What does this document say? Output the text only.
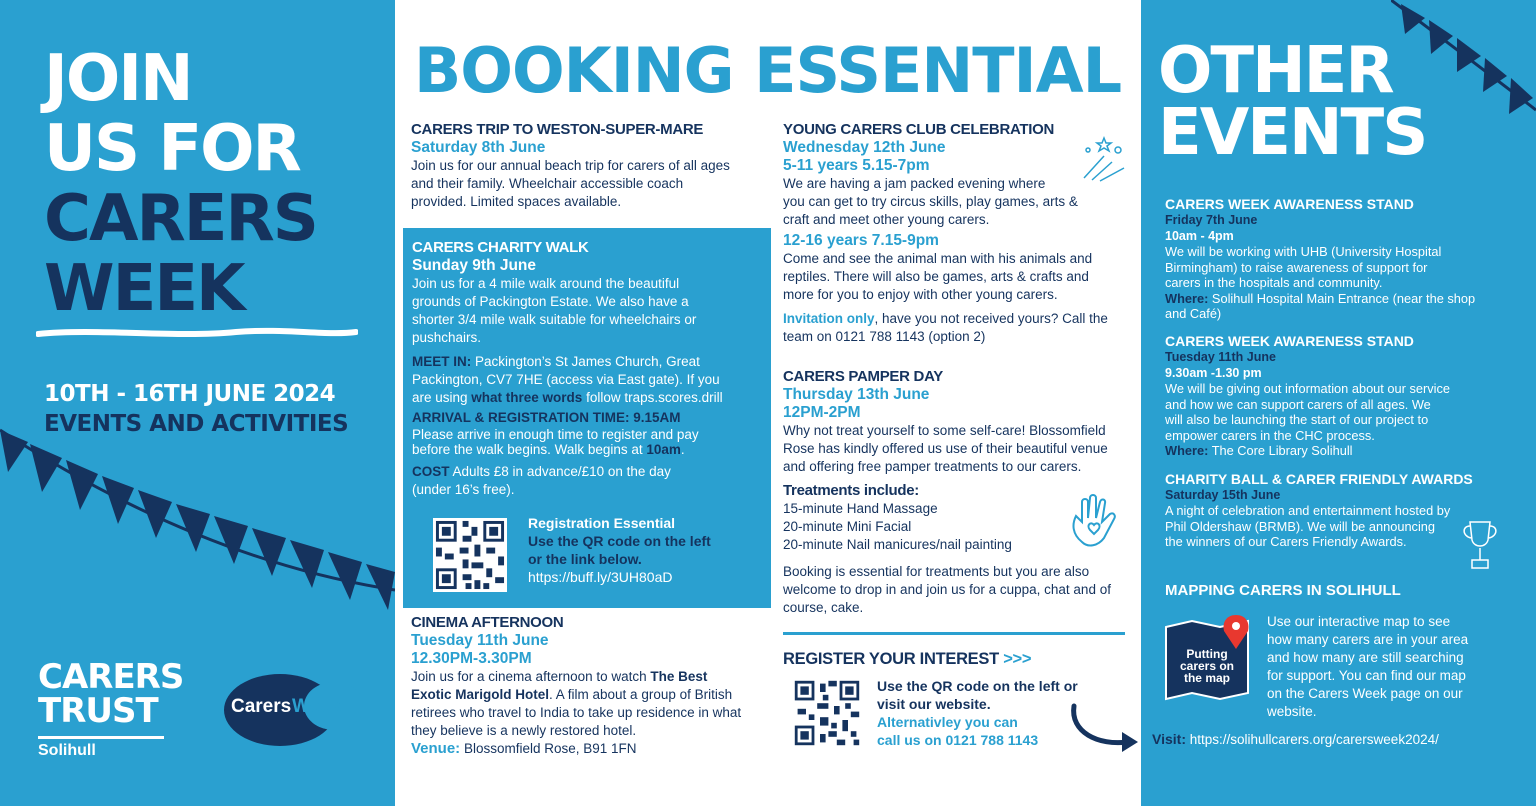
JOIN
US FOR
CARERS
WEEK
10TH - 16TH JUNE 2024
EVENTS AND ACTIVITIES
CARERS
TRUST
Solihull
Carers Week
BOOKING ESSENTIAL
CARERS TRIP TO WESTON-SUPER-MARE
Saturday 8th June
Join us for our annual beach trip for carers of all ages
and their family. Wheelchair accessible coach
provided. Limited spaces available.
CARERS CHARITY WALK
Sunday 9th June
Join us for a 4 mile walk around the beautiful
grounds of Packington Estate. We also have a
shorter 3/4 mile walk suitable for wheelchairs or
pushchairs.
MEET IN: Packington’s St James Church, Great
Packington, CV7 7HE (access via East gate). If you
are using what three words follow traps.scores.drill
ARRIVAL & REGISTRATION TIME: 9.15AM
Please arrive in enough time to register and pay
before the walk begins. Walk begins at 10am.
COST Adults £8 in advance/£10 on the day
(under 16’s free).
Registration Essential
Use the QR code on the left
or the link below.
https://buff.ly/3UH80aD
CINEMA AFTERNOON
Tuesday 11th June
12.30PM-3.30PM
Join us for a cinema afternoon to watch The Best
Exotic Marigold Hotel. A film about a group of British
retirees who travel to India to take up residence in what
they believe is a newly restored hotel.
Venue: Blossomfield Rose, B91 1FN
YOUNG CARERS CLUB CELEBRATION
Wednesday 12th June
5-11 years 5.15-7pm
We are having a jam packed evening where
you can get to try circus skills, play games, arts &
craft and meet other young carers.
12-16 years 7.15-9pm
Come and see the animal man with his animals and
reptiles. There will also be games, arts & crafts and
more for you to enjoy with other young carers.
Invitation only, have you not received yours? Call the
team on 0121 788 1143 (option 2)
CARERS PAMPER DAY
Thursday 13th June
12PM-2PM
Why not treat yourself to some self-care! Blossomfield
Rose has kindly offered us use of their beautiful venue
and offering free pamper treatments to our carers.
Treatments include:
15-minute Hand Massage
20-minute Mini Facial
20-minute Nail manicures/nail painting
Booking is essential for treatments but you are also
welcome to drop in and join us for a cuppa, chat and of
course, cake.
REGISTER YOUR INTEREST >>>
Use the QR code on the left or
visit our website.
Alternativley you can
call us on 0121 788 1143
OTHER
EVENTS
CARERS WEEK AWARENESS STAND
Friday 7th June
10am - 4pm
We will be working with UHB (University Hospital
Birmingham) to raise awareness of support for
carers in the hospitals and community.
Where: Solihull Hospital Main Entrance (near the shop
and Café)
CARERS WEEK AWARENESS STAND
Tuesday 11th June
9.30am -1.30 pm
We will be giving out information about our service
and how we can support carers of all ages. We
will also be launching the start of our project to
empower carers in the CHC process.
Where: The Core Library Solihull
CHARITY BALL & CARER FRIENDLY AWARDS
Saturday 15th June
A night of celebration and entertainment hosted by
Phil Oldershaw (BRMB). We will be announcing
the winners of our Carers Friendly Awards.
MAPPING CARERS IN SOLIHULL
Putting
carers on
the map
Use our interactive map to see
how many carers are in your area
and how many are still searching
for support. You can find our map
on the Carers Week page on our
website.
Visit: https://solihullcarers.org/carersweek2024/
